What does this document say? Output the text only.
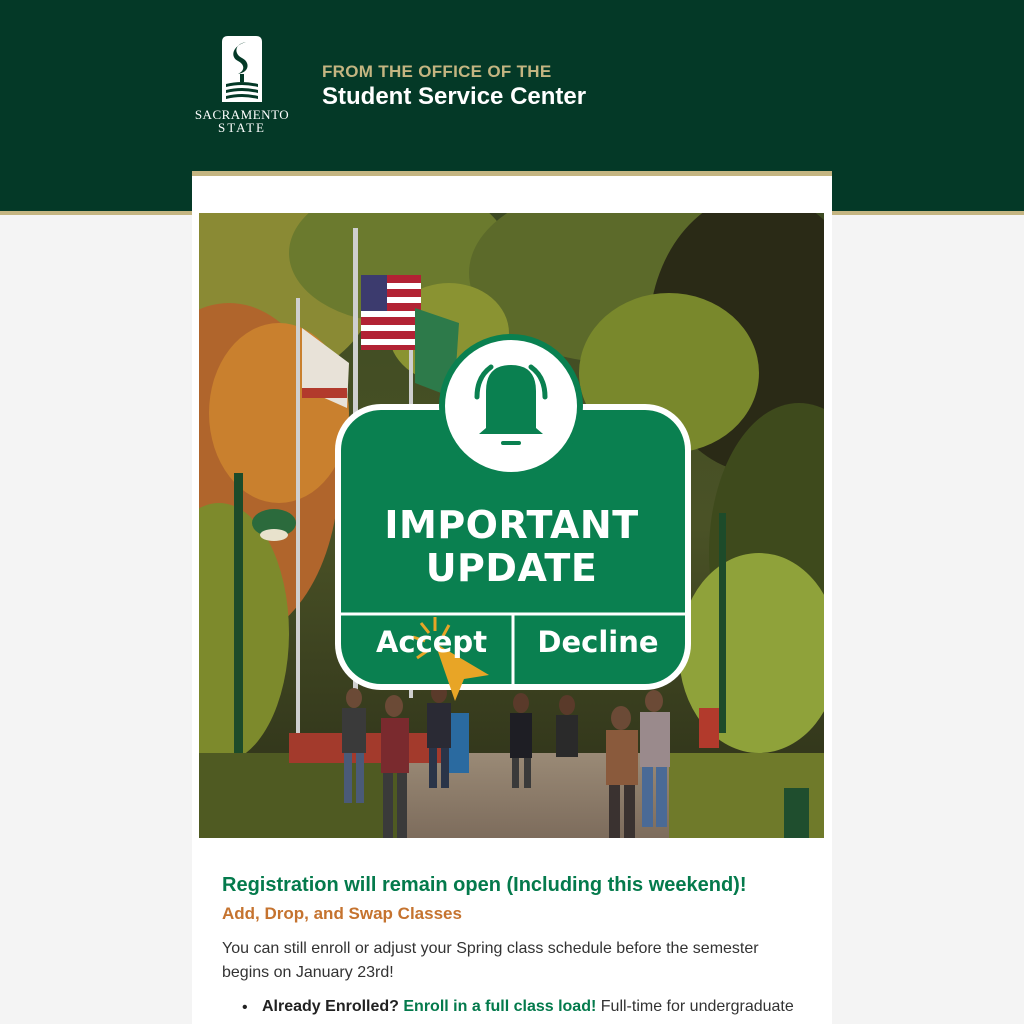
SACRAMENTO
STATE
FROM THE OFFICE OF THE
Student Service Center
IMPORTANT
UPDATE
Accept	Decline
Registration will remain open (Including this weekend)!
Add, Drop, and Swap Classes
You can still enroll or adjust your Spring class schedule before the semester begins on January 23rd!
• Already Enrolled? Enroll in a full class load! Full-time for undergraduate
